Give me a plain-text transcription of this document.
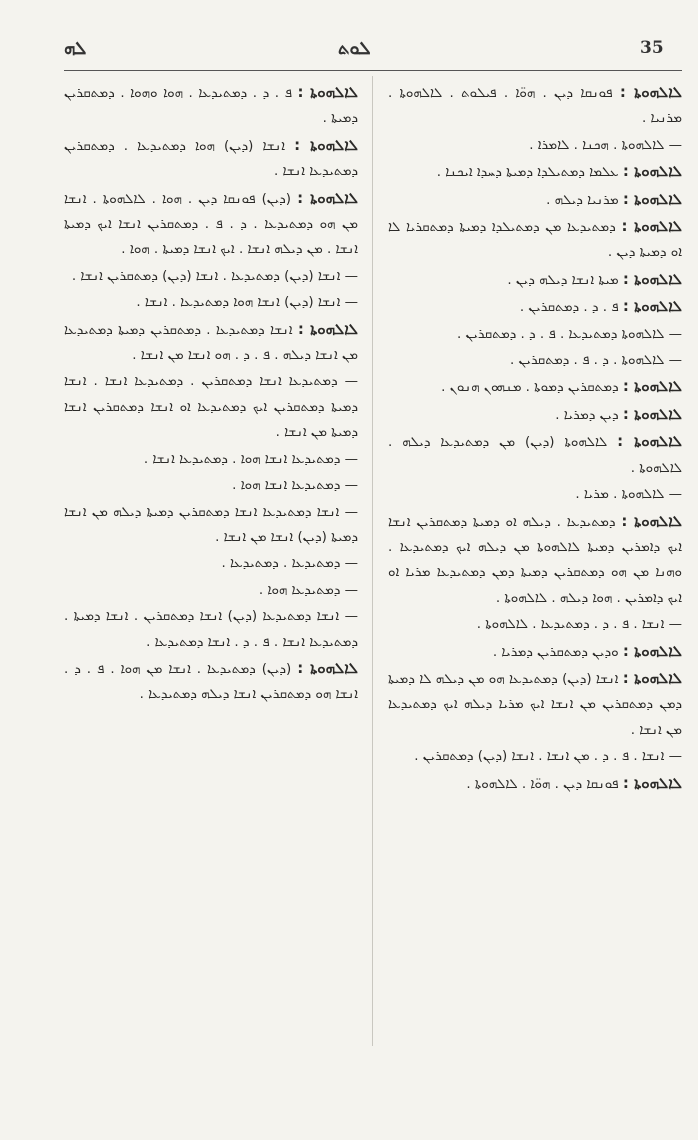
ܠܗ	ܠܘܬ	35

ܠܐܠܗܘܬܐ : ܦܘܢܩܐ ܕܝܢ . ܗܘ̈ܐ . ܦܝܠܘܬ . ܠܐܠܗܘܬܐ . ܡܪܢܝܐ .

— ܠܐܠܗܘܬܐ . ܗܟܢܐ . ܠܐܡܪܐ .

ܠܐܠܗܘܬܐ : ܥܠܡܐ ܕܡܬܝܠܕܐ ܕܡܝܬܐ ܕܚܕܐ ܐܝܟܢܐ .

ܠܐܠܗܘܬܐ : ܡܪܢܝܐ ܕܝܠܗ .

ܠܐܠܗܘܬܐ : ܕܡܬܝܕܥܐ ܡܢ ܕܡܬܝܠܕܐ ܕܡܝܬܐ ܕܡܬܩܪܝܐ ܠܐ ܐܘ ܕܡܝܬܐ ܕܝܢ .

ܠܐܠܗܘܬܐ : ܡܝܬܐ ܐܢܫܐ ܕܝܠܗ ܕܝܢ .

ܠܐܠܗܘܬܐ : ܦ . ܕ . ܕܡܬܩܪܝܢ .

— ܠܐܠܗܘܬܐ ܕܡܬܝܕܥܐ . ܦ . ܕ . ܕܡܬܩܪܝܢ .

— ܠܐܠܗܘܬܐ . ܕ . ܦ . ܕܡܬܩܪܝܢ .

ܠܐܠܗܘܬܐ : ܕܡܬܩܪܝܢ ܕܡܘܬܐ . ܡܢܗܘܢ ܗܢܘܢ .

ܠܐܠܗܘܬܐ : ܕܝܢ ܕܡܪܝܐ .

ܠܐܠܗܘܬܐ : ܠܐܠܗܘܬܐ (ܕܝܢ) ܡܢ ܕܡܬܝܕܥܐ ܕܝܠܗ . ܠܐܠܗܘܬܐ .

— ܠܐܠܗܘܬܐ . ܡܪܝܐ .

ܠܐܠܗܘܬܐ : ܕܡܬܝܕܥܐ . ܕܝܠܗ ܐܘ ܕܡܝܬܐ ܕܡܬܩܪܝܢ ܐܢܫܐ ܐܝܟ ܕܐܡܪܝܢ ܕܡܝܬܐ ܠܐܠܗܘܬܐ ܡܢ ܕܝܠܗ ܐܝܟ ܕܡܬܝܕܥܐ . ܘܗܢܐ ܡܢ ܗܘ ܕܡܬܩܪܝܢ ܕܡܝܬܐ ܕܡܢ ܕܡܬܝܕܥܐ ܡܪܝܐ ܐܘ ܐܝܟ ܕܐܡܪܝܢ . ܗܘܐ ܕܝܠܗ . ܠܐܠܗܘܬܐ .

— ܐܢܫܐ . ܦ . ܕ . ܕܡܬܝܕܥܐ . ܠܐܠܗܘܬܐ .

ܠܐܠܗܘܬܐ : ܘܕܝܢ ܕܡܬܩܪܝܢ ܕܡܪܝܐ .

ܠܐܠܗܘܬܐ : ܐܢܫܐ (ܕܝܢ) ܕܡܬܝܕܥܐ ܗܘ ܡܢ ܕܝܠܗ ܠܐ ܕܡܝܬܐ ܕܡܢ ܕܡܬܩܪܝܢ ܡܢ ܐܢܫܐ ܐܝܟ ܡܪܝܐ ܕܝܠܗ ܐܝܟ ܕܡܬܝܕܥܐ ܡܢ ܐܢܫܐ .

— ܐܢܫܐ . ܦ . ܕ . ܡܢ ܐܢܫܐ . ܐܢܫܐ (ܕܝܢ) ܕܡܬܩܪܝܢ .

ܠܐܠܗܘܬܐ : ܦܘܢܩܐ ܕܝܢ . ܗܘ̈ܐ . ܠܐܠܗܘܬܐ .

ܠܐܠܗܘܬܐ : ܦ . ܕ . ܕܡܬܝܕܥܐ . ܗܘܐ ܘܗܘܐ . ܕܡܬܩܪܝܢ ܕܡܝܬܐ .

ܠܐܠܗܘܬܐ : ܐܢܫܐ (ܕܝܢ) ܗܘܐ ܕܡܬܝܕܥܐ . ܕܡܬܩܪܝܢ ܕܡܬܝܕܥܐ ܐܢܫܐ .

ܠܐܠܗܘܬܐ : (ܕܝܢ) ܦܘܢܩܐ ܕܝܢ . ܗܘܐ . ܠܐܠܗܘܬܐ . ܐܢܫܐ ܡܢ ܗܘ ܕܡܬܝܕܥܐ . ܕ . ܦ . ܕܡܬܩܪܝܢ ܐܢܫܐ ܐܝܟ ܕܡܝܬܐ ܐܢܫܐ . ܡܢ ܕܝܠܗ ܐܢܫܐ . ܐܝܟ ܐܢܫܐ ܕܡܝܬܐ . ܗܘܐ .

— ܐܢܫܐ (ܕܝܢ) ܕܡܬܝܕܥܐ . ܐܢܫܐ (ܕܝܢ) ܕܡܬܩܪܝܢ ܐܢܫܐ .

— ܐܢܫܐ (ܕܝܢ) ܐܢܫܐ ܗܘܐ ܕܡܬܝܕܥܐ . ܐܢܫܐ .

ܠܐܠܗܘܬܐ : ܐܢܫܐ ܕܡܬܝܕܥܐ . ܕܡܬܩܪܝܢ ܕܡܝܬܐ ܕܡܬܝܕܥܐ ܡܢ ܐܢܫܐ ܕܝܠܗ . ܦ . ܕ . ܗܘ ܐܢܫܐ ܡܢ ܐܢܫܐ .

— ܕܡܬܝܕܥܐ ܐܢܫܐ ܕܡܬܩܪܝܢ . ܕܡܬܝܕܥܐ ܐܢܫܐ . ܐܢܫܐ ܕܡܝܬܐ ܕܡܬܩܪܝܢ ܐܝܟ ܕܡܬܝܕܥܐ ܐܘ ܐܢܫܐ ܕܡܬܩܪܝܢ ܐܢܫܐ ܕܡܝܬܐ ܡܢ ܐܢܫܐ .

— ܕܡܬܝܕܥܐ ܐܢܫܐ ܗܘܐ . ܕܡܬܝܕܥܐ ܐܢܫܐ .

— ܕܡܬܝܕܥܐ ܐܢܫܐ ܗܘܐ .

— ܐܢܫܐ ܕܡܬܝܕܥܐ ܐܢܫܐ ܕܡܬܩܪܝܢ ܕܡܝܬܐ ܕܝܠܗ ܡܢ ܐܢܫܐ ܕܡܝܬܐ (ܕܝܢ) ܐܢܫܐ ܡܢ ܐܢܫܐ .

— ܕܡܬܝܕܥܐ . ܕܡܬܝܕܥܐ .

— ܕܡܬܝܕܥܐ ܗܘܐ .

— ܐܢܫܐ ܕܡܬܝܕܥܐ (ܕܝܢ) ܐܢܫܐ ܕܡܬܩܪܝܢ . ܐܢܫܐ ܕܡܝܬܐ . ܕܡܬܝܕܥܐ ܐܢܫܐ . ܦ . ܕ . ܐܢܫܐ ܕܡܬܝܕܥܐ .

ܠܐܠܗܘܬܐ : (ܕܝܢ) ܕܡܬܝܕܥܐ . ܐܢܫܐ ܡܢ ܗܘܐ . ܦ . ܕ . ܐܢܫܐ ܗܘ ܕܡܬܩܪܝܢ ܐܢܫܐ ܕܝܠܗ ܕܡܬܝܕܥܐ .
